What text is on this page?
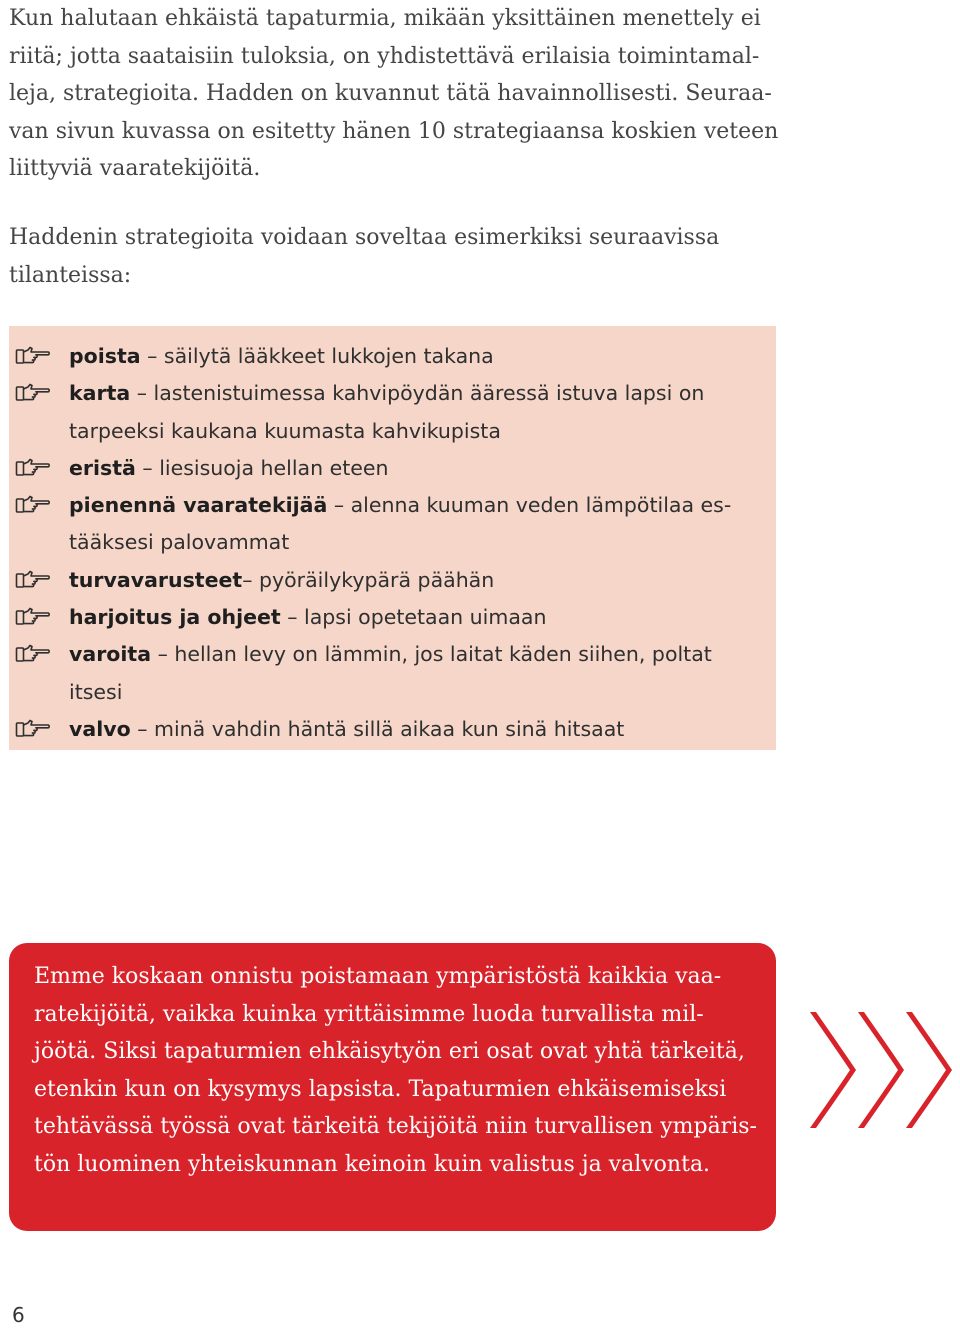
Kun halutaan ehkäistä tapaturmia, mikään yksittäinen menettely ei
riitä; jotta saataisiin tuloksia, on yhdistettävä erilaisia toimintamal-
leja, strategioita. Hadden on kuvannut tätä havainnollisesti. Seuraa-
van sivun kuvassa on esitetty hänen 10 strategiaansa koskien veteen
liittyviä vaaratekijöitä.
Haddenin strategioita voidaan soveltaa esimerkiksi seuraavissa
tilanteissa:
poista – säilytä lääkkeet lukkojen takana
karta – lastenistuimessa kahvipöydän ääressä istuva lapsi on
tarpeeksi kaukana kuumasta kahvikupista
eristä – liesisuoja hellan eteen
pienennä vaaratekijää – alenna kuuman veden lämpötilaa es-
tääksesi palovammat
turvavarusteet– pyöräilykypärä päähän
harjoitus ja ohjeet – lapsi opetetaan uimaan
varoita – hellan levy on lämmin, jos laitat käden siihen, poltat
itsesi
valvo – minä vahdin häntä sillä aikaa kun sinä hitsaat
Emme koskaan onnistu poistamaan ympäristöstä kaikkia vaa-
ratekijöitä, vaikka kuinka yrittäisimme luoda turvallista mil-
jöötä. Siksi tapaturmien ehkäisytyön eri osat ovat yhtä tärkeitä,
etenkin kun on kysymys lapsista. Tapaturmien ehkäisemiseksi
tehtävässä työssä ovat tärkeitä tekijöitä niin turvallisen ympäris-
tön luominen yhteiskunnan keinoin kuin valistus ja valvonta.
6
